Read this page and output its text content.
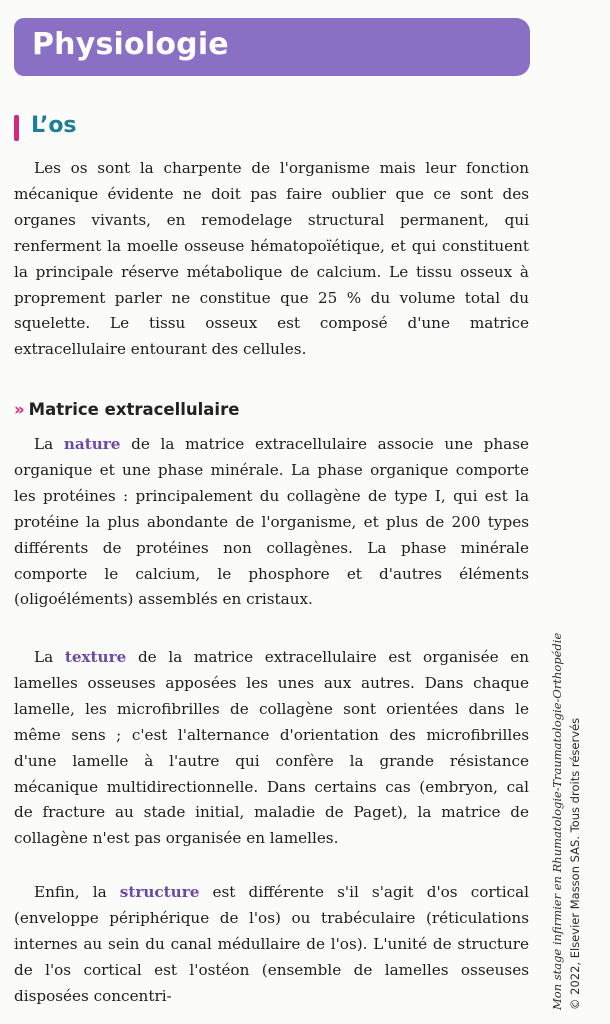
Physiologie
L’os

Les os sont la charpente de l'organisme mais leur fonction mécanique évidente ne doit pas faire oublier que ce sont des organes vivants, en remodelage structural permanent, qui renferment la moelle osseuse hématopoïétique, et qui constituent la principale réserve métabolique de calcium. Le tissu osseux à proprement parler ne constitue que 25 % du volume total du squelette. Le tissu osseux est composé d'une matrice extracellulaire entourant des cellules.

» Matrice extracellulaire

La nature de la matrice extracellulaire associe une phase organique et une phase minérale. La phase organique comporte les protéines : principalement du collagène de type I, qui est la protéine la plus abondante de l'organisme, et plus de 200 types différents de protéines non collagènes. La phase minérale comporte le calcium, le phosphore et d'autres éléments (oligoéléments) assemblés en cristaux.

La texture de la matrice extracellulaire est organisée en lamelles osseuses apposées les unes aux autres. Dans chaque lamelle, les microfibrilles de collagène sont orientées dans le même sens ; c'est l'alternance d'orientation des microfibrilles d'une lamelle à l'autre qui confère la grande résistance mécanique multidirectionnelle. Dans certains cas (embryon, cal de fracture au stade initial, maladie de Paget), la matrice de collagène n'est pas organisée en lamelles.

Enfin, la structure est différente s'il s'agit d'os cortical (enveloppe périphérique de l'os) ou trabéculaire (réticulations internes au sein du canal médullaire de l'os). L'unité de structure de l'os cortical est l'ostéon (ensemble de lamelles osseuses disposées concentri-	Mon stage infirmier en Rhumatologie-Traumatologie-Orthopédie © 2022, Elsevier Masson SAS. Tous droits réservés
